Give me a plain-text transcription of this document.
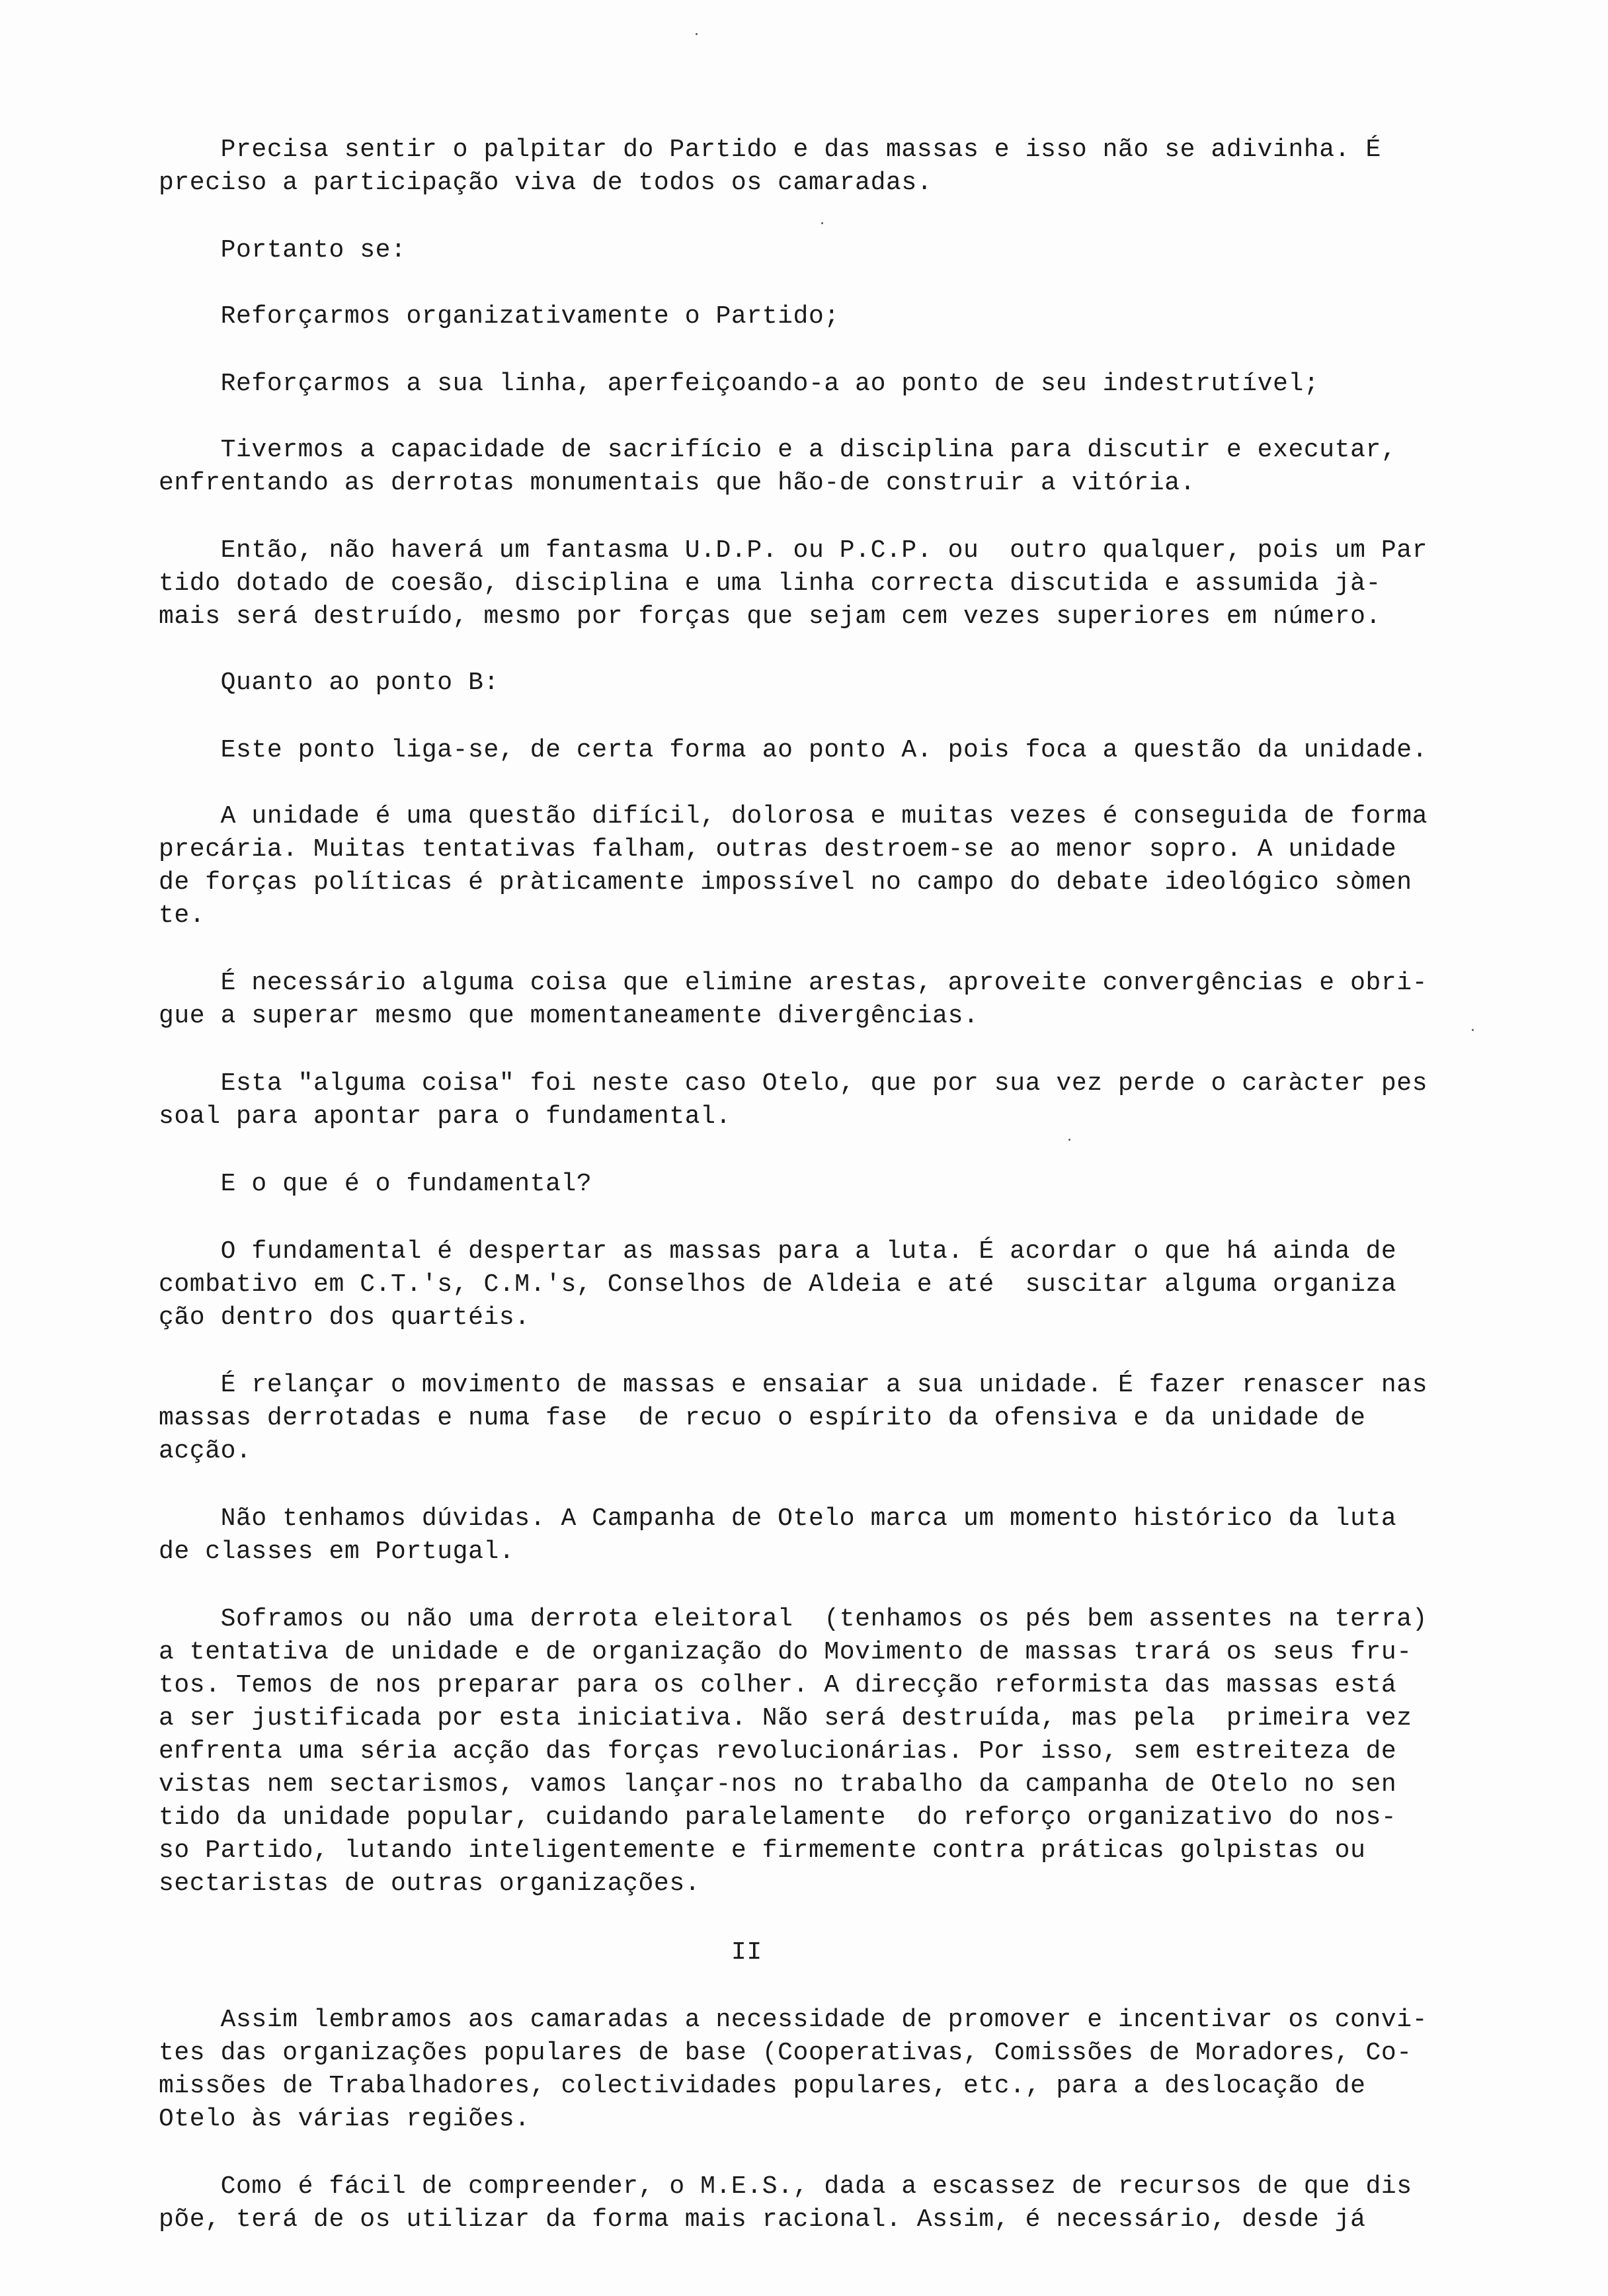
Precisa sentir o palpitar do Partido e das massas e isso não se adivinha. É
preciso a participação viva de todos os camaradas.
Portanto se:
Reforçarmos organizativamente o Partido;
Reforçarmos a sua linha, aperfeiçoando-a ao ponto de seu indestrutível;
Tivermos a capacidade de sacrifício e a disciplina para discutir e executar,
enfrentando as derrotas monumentais que hão-de construir a vitória.
Então, não haverá um fantasma U.D.P. ou P.C.P. ou  outro qualquer, pois um Par
tido dotado de coesão, disciplina e uma linha correcta discutida e assumida jà-
mais será destruído, mesmo por forças que sejam cem vezes superiores em número.
Quanto ao ponto B:
Este ponto liga-se, de certa forma ao ponto A. pois foca a questão da unidade.
A unidade é uma questão difícil, dolorosa e muitas vezes é conseguida de forma
precária. Muitas tentativas falham, outras destroem-se ao menor sopro. A unidade
de forças políticas é pràticamente impossível no campo do debate ideológico sòmen
te.
É necessário alguma coisa que elimine arestas, aproveite convergências e obri-
gue a superar mesmo que momentaneamente divergências.
Esta "alguma coisa" foi neste caso Otelo, que por sua vez perde o caràcter pes
soal para apontar para o fundamental.
E o que é o fundamental?
O fundamental é despertar as massas para a luta. É acordar o que há ainda de
combativo em C.T.'s, C.M.'s, Conselhos de Aldeia e até  suscitar alguma organiza
ção dentro dos quartéis.
É relançar o movimento de massas e ensaiar a sua unidade. É fazer renascer nas
massas derrotadas e numa fase  de recuo o espírito da ofensiva e da unidade de
acção.
Não tenhamos dúvidas. A Campanha de Otelo marca um momento histórico da luta
de classes em Portugal.
Soframos ou não uma derrota eleitoral  (tenhamos os pés bem assentes na terra)
a tentativa de unidade e de organização do Movimento de massas trará os seus fru-
tos. Temos de nos preparar para os colher. A direcção reformista das massas está
a ser justificada por esta iniciativa. Não será destruída, mas pela  primeira vez
enfrenta uma séria acção das forças revolucionárias. Por isso, sem estreiteza de
vistas nem sectarismos, vamos lançar-nos no trabalho da campanha de Otelo no sen
tido da unidade popular, cuidando paralelamente  do reforço organizativo do nos-
so Partido, lutando inteligentemente e firmemente contra práticas golpistas ou
sectaristas de outras organizações.
II
Assim lembramos aos camaradas a necessidade de promover e incentivar os convi-
tes das organizações populares de base (Cooperativas, Comissões de Moradores, Co-
missões de Trabalhadores, colectividades populares, etc., para a deslocação de
Otelo às várias regiões.
Como é fácil de compreender, o M.E.S., dada a escassez de recursos de que dis
põe, terá de os utilizar da forma mais racional. Assim, é necessário, desde já
